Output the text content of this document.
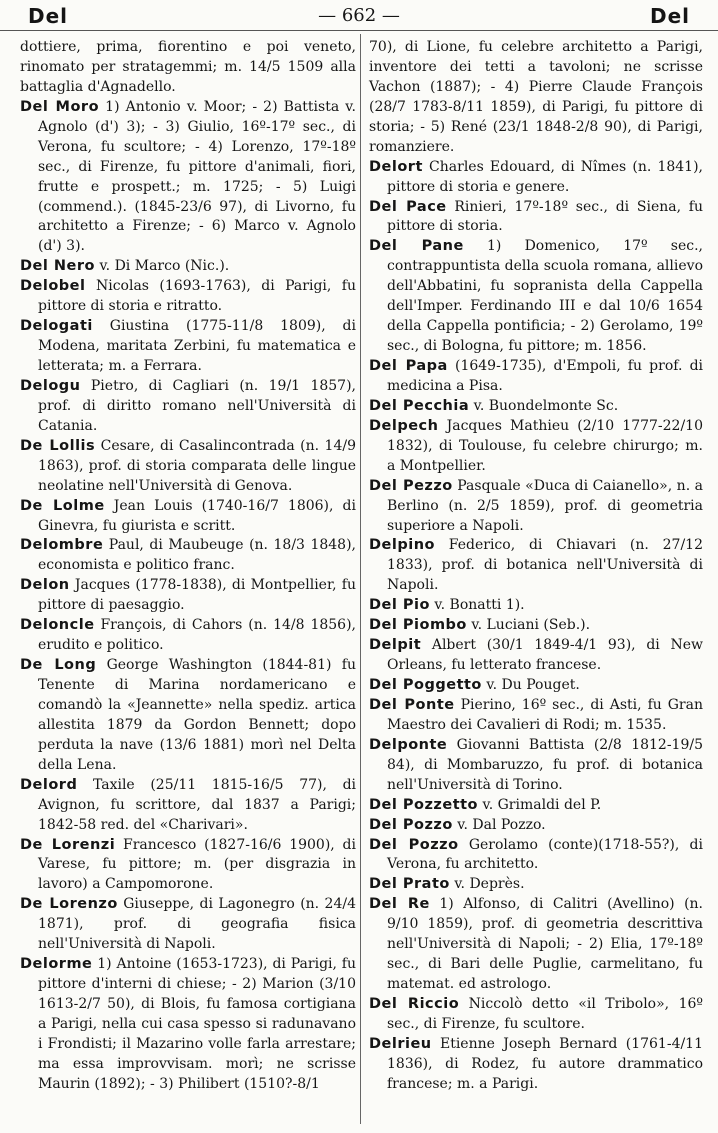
Del	— 662 —	Del

dottiere, prima, fiorentino e poi veneto, rinomato per stratagemmi; m. 14/5 1509 alla battaglia d'Agnadello.

Del Moro 1) Antonio v. Moor; - 2) Battista v. Agnolo (d') 3); - 3) Giulio, 16º-17º sec., di Verona, fu scultore; - 4) Lorenzo, 17º-18º sec., di Firenze, fu pittore d'animali, fiori, frutte e prospett.; m. 1725; - 5) Luigi (commend.). (1845-23/6 97), di Livorno, fu architetto a Firenze; - 6) Marco v. Agnolo (d') 3).

Del Nero v. Di Marco (Nic.).

Delobel Nicolas (1693-1763), di Parigi, fu pittore di storia e ritratto.

Delogati Giustina (1775-11/8 1809), di Modena, maritata Zerbini, fu matematica e letterata; m. a Ferrara.

Delogu Pietro, di Cagliari (n. 19/1 1857), prof. di diritto romano nell'Università di Catania.

De Lollis Cesare, di Casalincontrada (n. 14/9 1863), prof. di storia comparata delle lingue neolatine nell'Università di Genova.

De Lolme Jean Louis (1740-16/7 1806), di Ginevra, fu giurista e scritt.

Delombre Paul, di Maubeuge (n. 18/3 1848), economista e politico franc.

Delon Jacques (1778-1838), di Montpellier, fu pittore di paesaggio.

Deloncle François, di Cahors (n. 14/8 1856), erudito e politico.

De Long George Washington (1844-81) fu Tenente di Marina nordamericano e comandò la «Jeannette» nella spediz. artica allestita 1879 da Gordon Bennett; dopo perduta la nave (13/6 1881) morì nel Delta della Lena.

Delord Taxile (25/11 1815-16/5 77), di Avignon, fu scrittore, dal 1837 a Parigi; 1842-58 red. del «Charivari».

De Lorenzi Francesco (1827-16/6 1900), di Varese, fu pittore; m. (per disgrazia in lavoro) a Campomorone.

De Lorenzo Giuseppe, di Lagonegro (n. 24/4 1871), prof. di geografia fisica nell'Università di Napoli.

Delorme 1) Antoine (1653-1723), di Parigi, fu pittore d'interni di chiese; - 2) Marion (3/10 1613-2/7 50), di Blois, fu famosa cortigiana a Parigi, nella cui casa spesso si radunavano i Frondisti; il Mazarino volle farla arrestare; ma essa improvvisam. morì; ne scrisse Maurin (1892); - 3) Philibert (1510?-8/1

70), di Lione, fu celebre architetto a Parigi, inventore dei tetti a tavoloni; ne scrisse Vachon (1887); - 4) Pierre Claude François (28/7 1783-8/11 1859), di Parigi, fu pittore di storia; - 5) René (23/1 1848-2/8 90), di Parigi, romanziere.

Delort Charles Edouard, di Nîmes (n. 1841), pittore di storia e genere.

Del Pace Rinieri, 17º-18º sec., di Siena, fu pittore di storia.

Del Pane 1) Domenico, 17º sec., contrappuntista della scuola romana, allievo dell'Abbatini, fu sopranista della Cappella dell'Imper. Ferdinando III e dal 10/6 1654 della Cappella pontificia; - 2) Gerolamo, 19º sec., di Bologna, fu pittore; m. 1856.

Del Papa (1649-1735), d'Empoli, fu prof. di medicina a Pisa.

Del Pecchia v. Buondelmonte Sc.

Delpech Jacques Mathieu (2/10 1777-22/10 1832), di Toulouse, fu celebre chirurgo; m. a Montpellier.

Del Pezzo Pasquale «Duca di Caianello», n. a Berlino (n. 2/5 1859), prof. di geometria superiore a Napoli.

Delpino Federico, di Chiavari (n. 27/12 1833), prof. di botanica nell'Università di Napoli.

Del Pio v. Bonatti 1).

Del Piombo v. Luciani (Seb.).

Delpit Albert (30/1 1849-4/1 93), di New Orleans, fu letterato francese.

Del Poggetto v. Du Pouget.

Del Ponte Pierino, 16º sec., di Asti, fu Gran Maestro dei Cavalieri di Rodi; m. 1535.

Delponte Giovanni Battista (2/8 1812-19/5 84), di Mombaruzzo, fu prof. di botanica nell'Università di Torino.

Del Pozzetto v. Grimaldi del P.

Del Pozzo v. Dal Pozzo.

Del Pozzo Gerolamo (conte)(1718-55?), di Verona, fu architetto.

Del Prato v. Deprès.

Del Re 1) Alfonso, di Calitri (Avellino) (n. 9/10 1859), prof. di geometria descrittiva nell'Università di Napoli; - 2) Elia, 17º-18º sec., di Bari delle Puglie, carmelitano, fu matemat. ed astrologo.

Del Riccio Niccolò detto «il Tribolo», 16º sec., di Firenze, fu scultore.

Delrieu Etienne Joseph Bernard (1761-4/11 1836), di Rodez, fu autore drammatico francese; m. a Parigi.
